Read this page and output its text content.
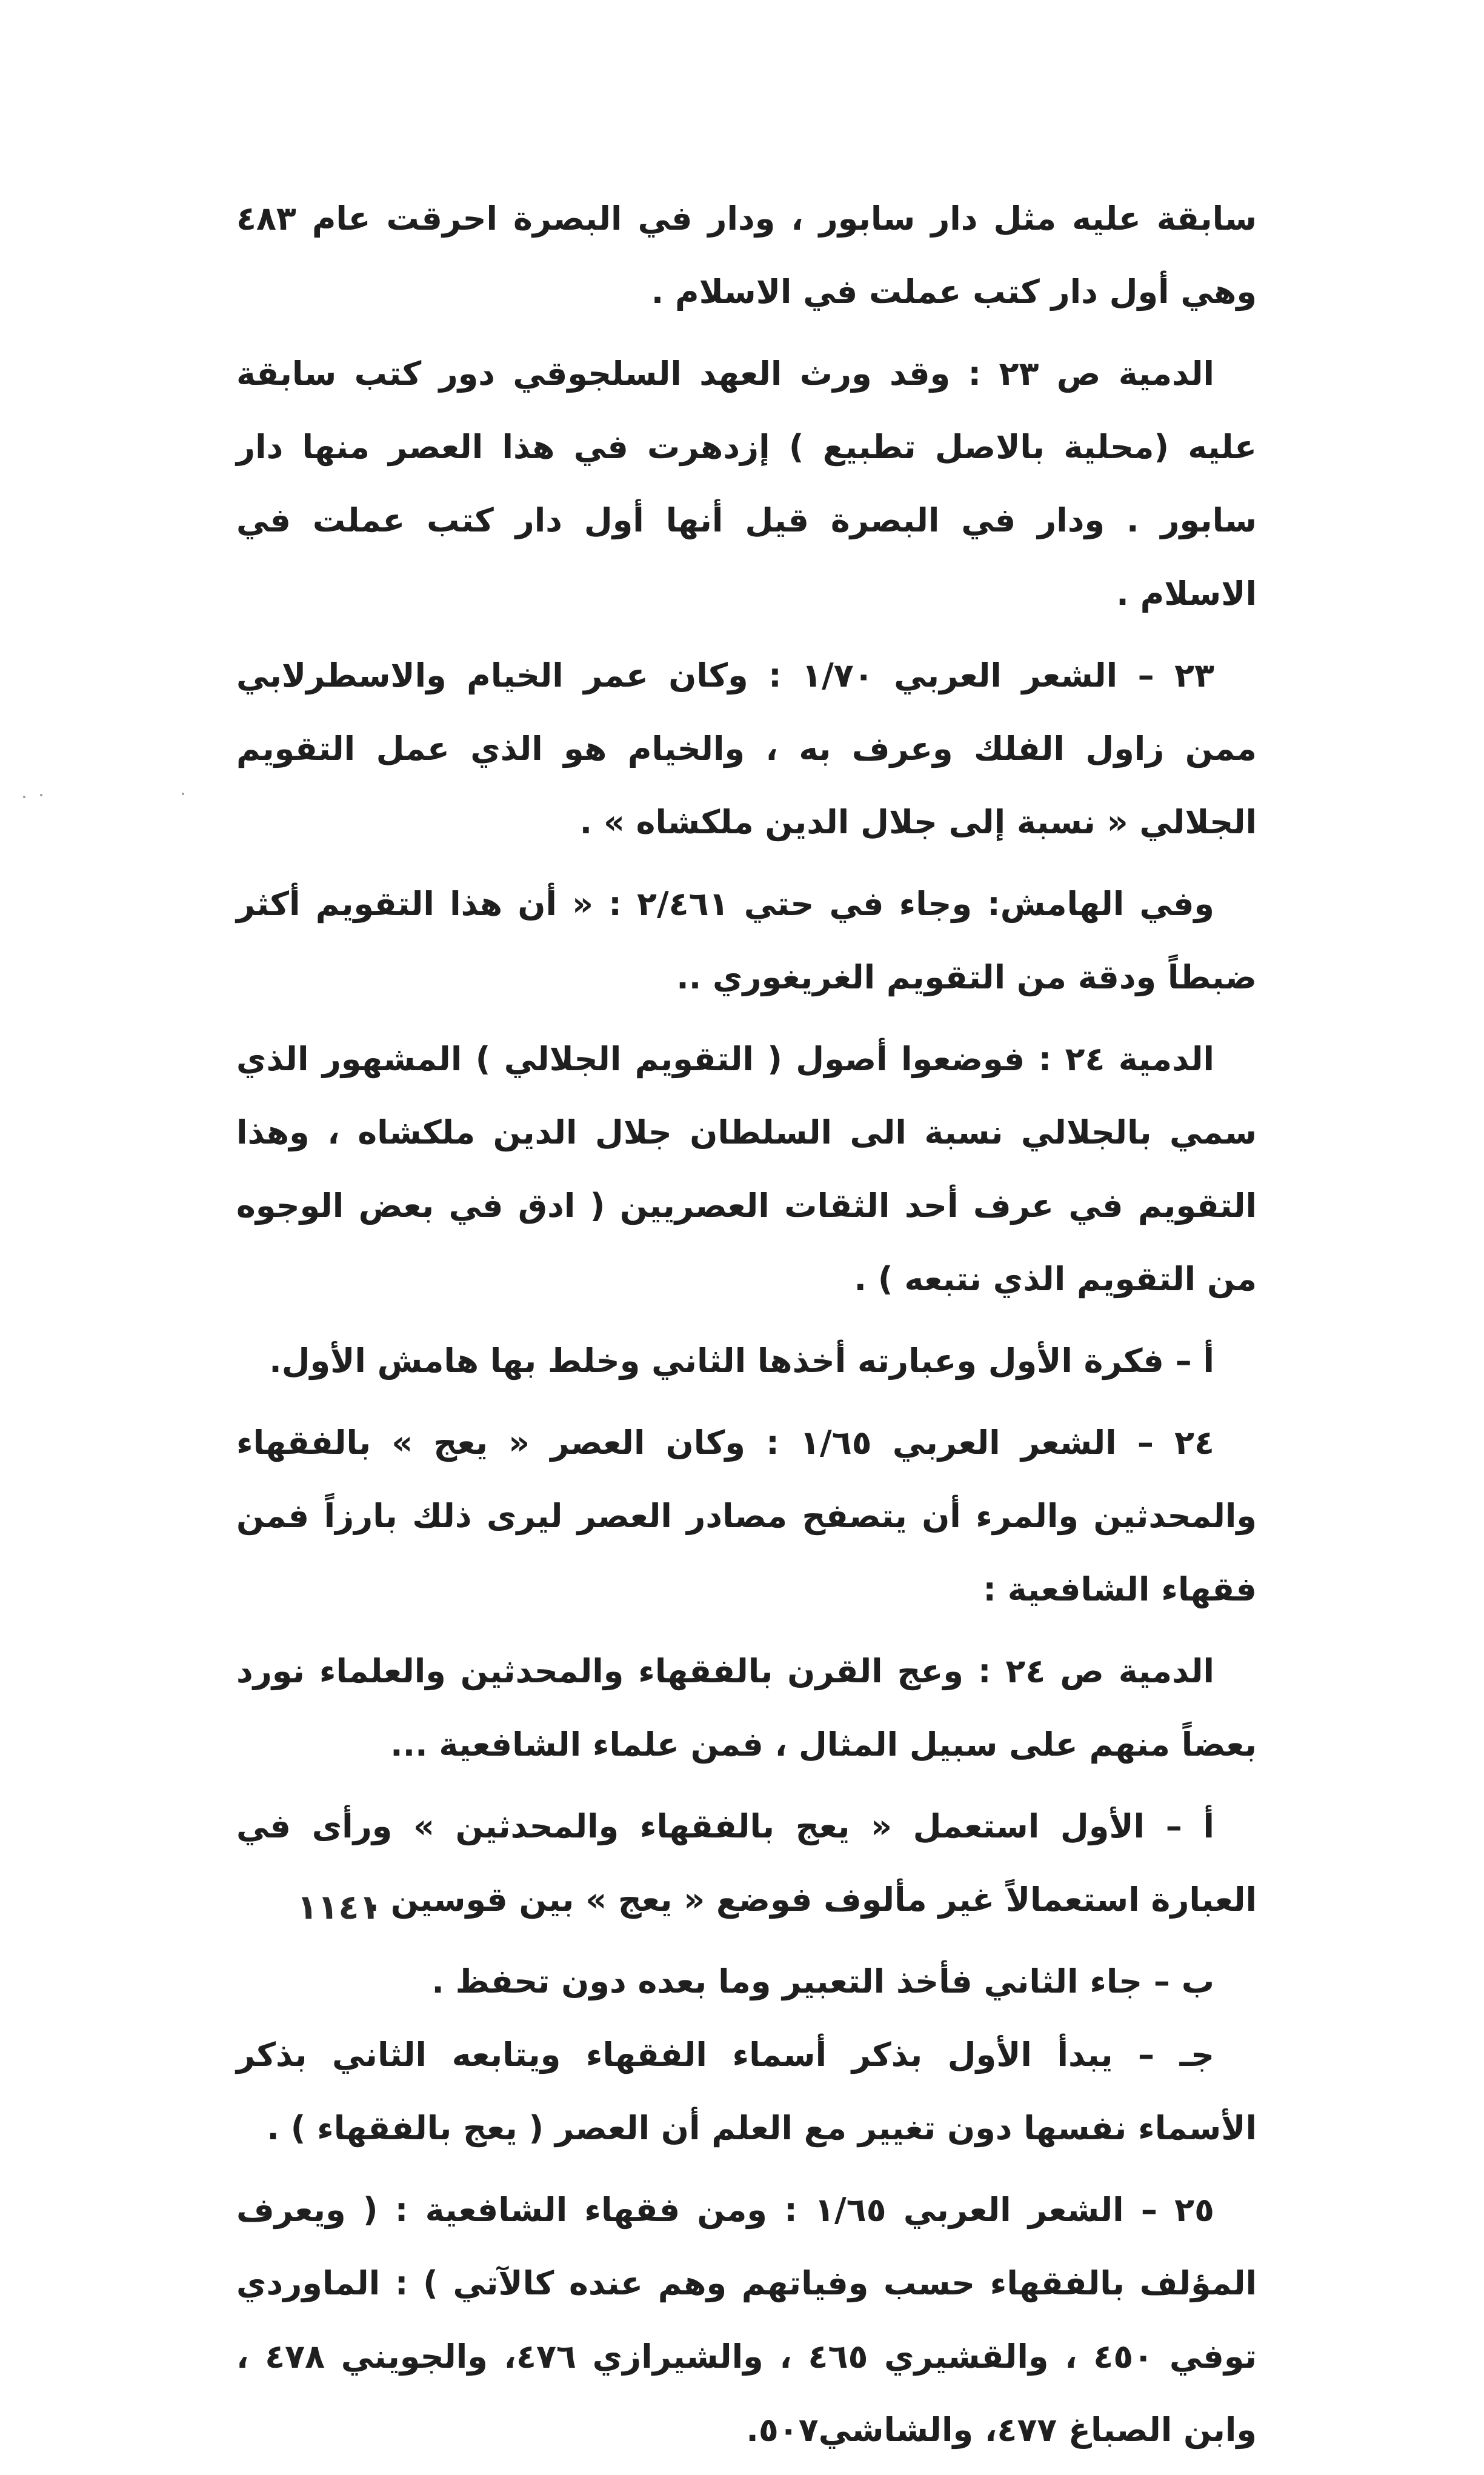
سابقة عليه مثل دار سابور ، ودار في البصرة احرقت عام ٤٨٣ وهي أول دار كتب عملت في الاسلام .

الدمية ص ٢٣ : وقد ورث العهد السلجوقي دور كتب سابقة عليه (محلية بالاصل تطبيع ) إزدهرت في هذا العصر منها دار سابور . ودار في البصرة قيل أنها أول دار كتب عملت في الاسلام .

٢٣ – الشعر العربي ١/٧٠ : وكان عمر الخيام والاسطرلابي ممن زاول الفلك وعرف به ، والخيام هو الذي عمل التقويم الجلالي « نسبة إلى جلال الدين ملكشاه » .

وفي الهامش: وجاء في حتي ٢/٤٦١ : « أن هذا التقويم أكثر ضبطاً ودقة من التقويم الغريغوري ..

الدمية ٢٤ : فوضعوا أصول ( التقويم الجلالي ) المشهور الذي سمي بالجلالي نسبة الى السلطان جلال الدين ملكشاه ، وهذا التقويم في عرف أحد الثقات العصريين ( ادق في بعض الوجوه من التقويم الذي نتبعه ) .

أ – فكرة الأول وعبارته أخذها الثاني وخلط بها هامش الأول.

٢٤ – الشعر العربي ١/٦٥ : وكان العصر « يعج » بالفقهاء والمحدثين والمرء أن يتصفح مصادر العصر ليرى ذلك بارزاً فمن فقهاء الشافعية :

الدمية ص ٢٤ : وعج القرن بالفقهاء والمحدثين والعلماء نورد بعضاً منهم على سبيل المثال ، فمن علماء الشافعية ...

أ – الأول استعمل « يعج بالفقهاء والمحدثين » ورأى في العبارة استعمالاً غير مألوف فوضع « يعج » بين قوسين .

ب – جاء الثاني فأخذ التعبير وما بعده دون تحفظ .

جـ – يبدأ الأول بذكر أسماء الفقهاء ويتابعه الثاني بذكر الأسماء نفسها دون تغيير مع العلم أن العصر ( يعج بالفقهاء ) .

٢٥ – الشعر العربي ١/٦٥ : ومن فقهاء الشافعية : ( ويعرف المؤلف بالفقهاء حسب وفياتهم وهم عنده كالآتي ) : الماوردي توفي ٤٥٠ ، والقشيري ٤٦٥ ، والشيرازي ٤٧٦، والجويني ٤٧٨ ، وابن الصباغ ٤٧٧، والشاشي٥٠٧.

١١٤١
